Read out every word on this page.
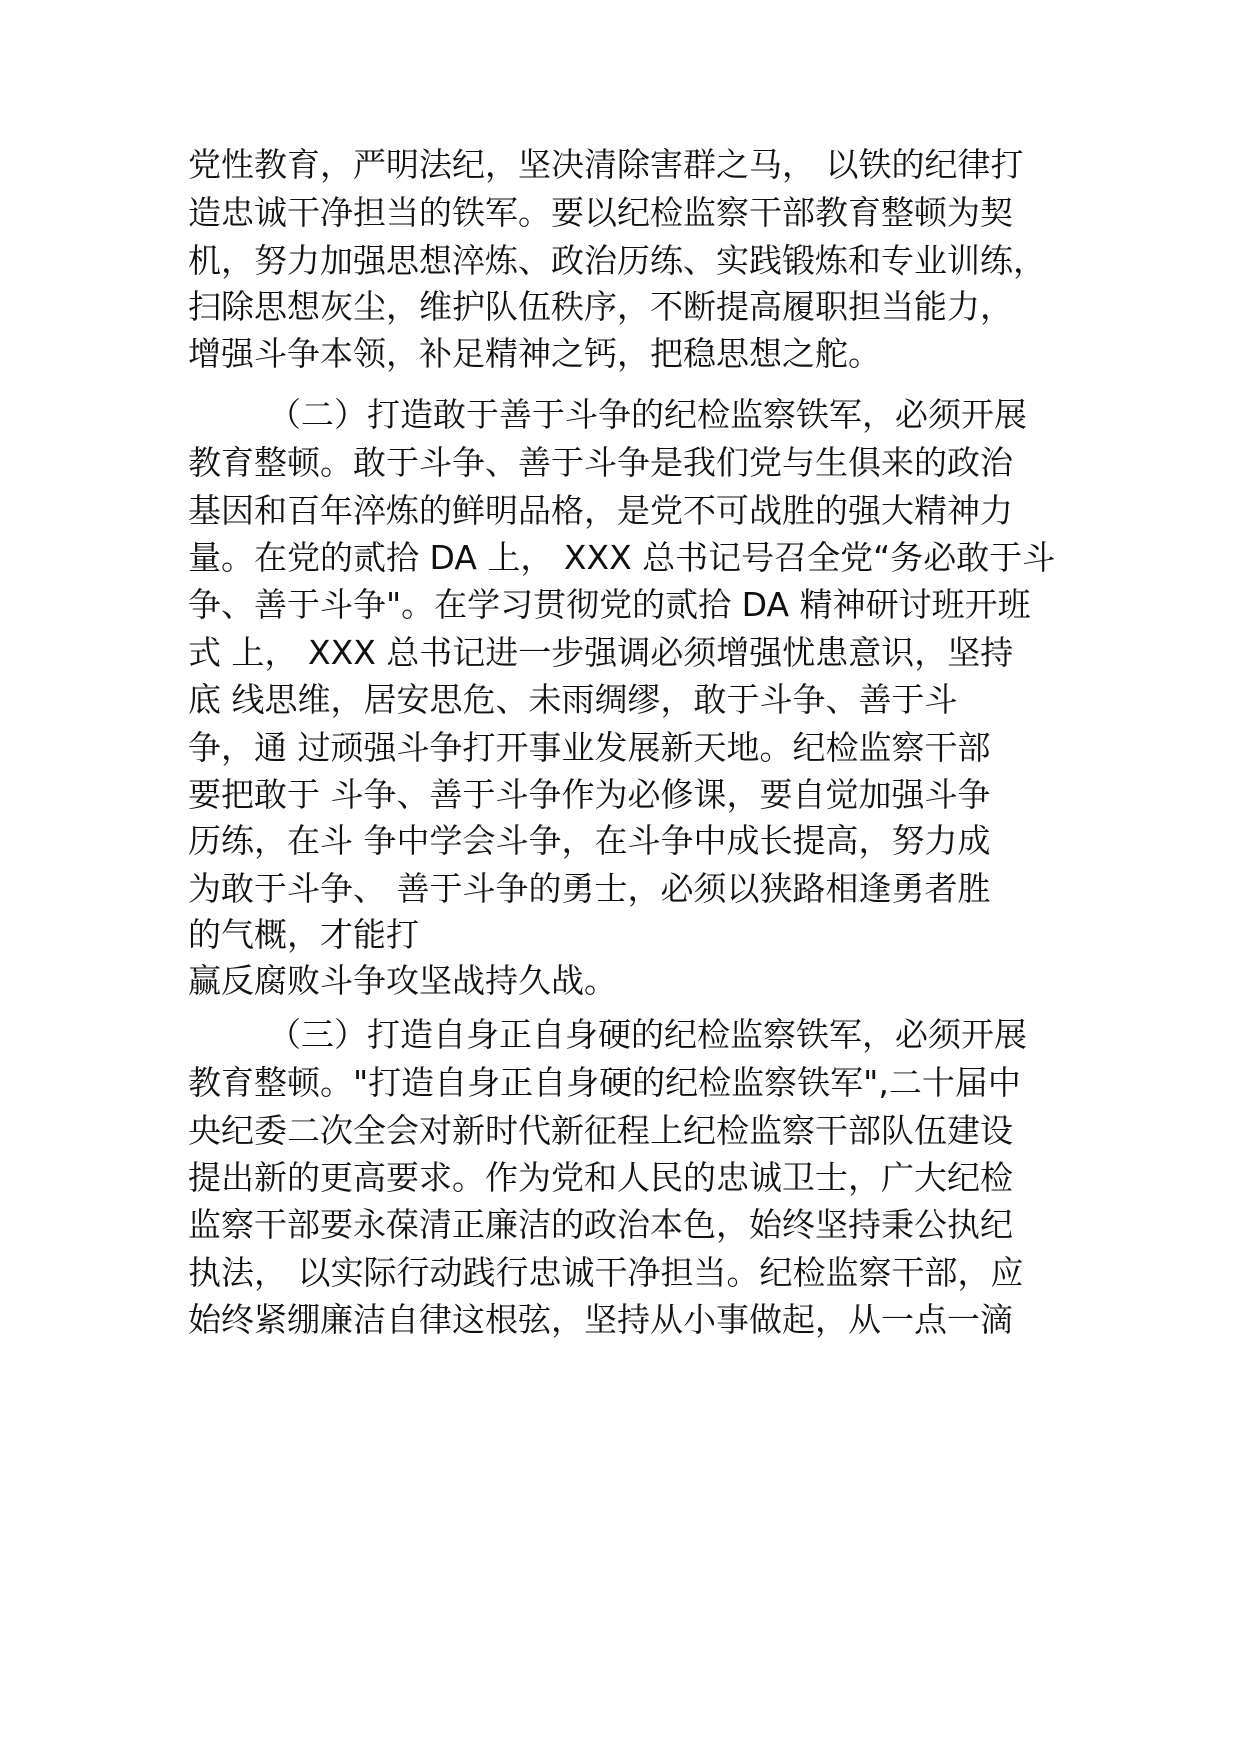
党性教育，严明法纪，坚决清除害群之马， 以铁的纪律打
造忠诚干净担当的铁军。要以纪检监察干部教育整顿为契
机，努力加强思想淬炼、政治历练、实践锻炼和专业训练，
扫除思想灰尘，维护队伍秩序，不断提高履职担当能力，
增强斗争本领，补足精神之钙，把稳思想之舵。
（二）打造敢于善于斗争的纪检监察铁军，必须开展
教育整顿。敢于斗争、善于斗争是我们党与生俱来的政治
基因和百年淬炼的鲜明品格，是党不可战胜的强大精神力
量。在党的贰拾 DA 上， XXX 总书记号召全党“务必敢于斗
争、善于斗争"。在学习贯彻党的贰拾 DA 精神研讨班开班
式 上， XXX 总书记进一步强调必须增强忧患意识，坚持
底 线思维，居安思危、未雨绸缪，敢于斗争、善于斗
争，通 过顽强斗争打开事业发展新天地。纪检监察干部
要把敢于 斗争、善于斗争作为必修课，要自觉加强斗争
历练，在斗 争中学会斗争，在斗争中成长提高，努力成
为敢于斗争、 善于斗争的勇士，必须以狭路相逢勇者胜
的气概，才能打
赢反腐败斗争攻坚战持久战。
（三）打造自身正自身硬的纪检监察铁军，必须开展
教育整顿。"打造自身正自身硬的纪检监察铁军",二十届中
央纪委二次全会对新时代新征程上纪检监察干部队伍建设
提出新的更高要求。作为党和人民的忠诚卫士，广大纪检
监察干部要永葆清正廉洁的政治本色，始终坚持秉公执纪
执法， 以实际行动践行忠诚干净担当。纪检监察干部，应
始终紧绷廉洁自律这根弦，坚持从小事做起，从一点一滴
